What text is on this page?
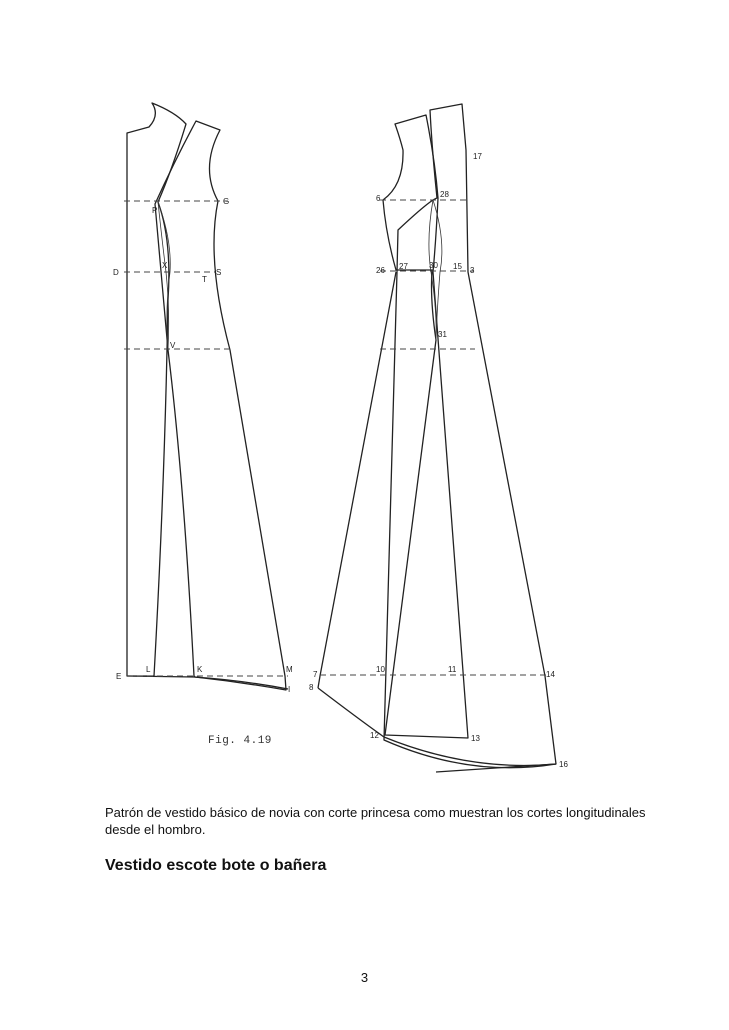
P
G
D
X
T
S
V
E
L	K	M
I
17
6	28
26 27	30 15 3
31
7
8
10	11
14
12	13
16
Fig. 4.19

Patrón de vestido básico de novia con corte princesa como muestran los cortes longitudinales desde el hombro.

Vestido escote bote o bañera
3
